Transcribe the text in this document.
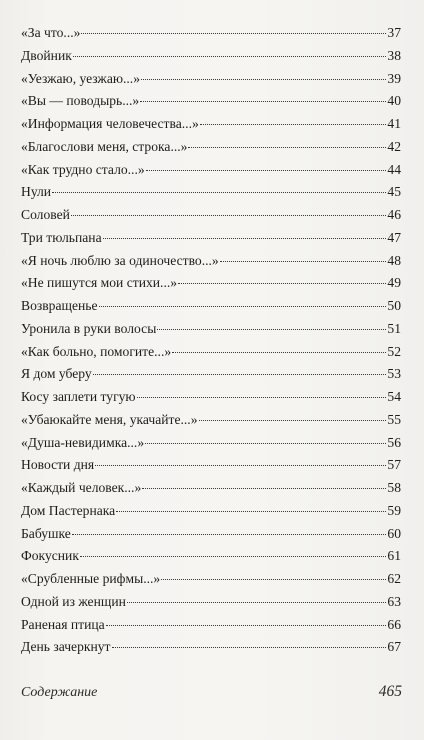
«За что...»	37
Двойник	38
«Уезжаю, уезжаю...»	39
«Вы — поводырь...»	40
«Информация человечества...»	41
«Благослови меня, строка...»	42
«Как трудно стало...»	44
Нули	45
Соловей	46
Три тюльпана	47
«Я ночь люблю за одиночество...»	48
«Не пишутся мои стихи...»	49
Возвращенье	50
Уронила в руки волосы	51
«Как больно, помогите...»	52
Я дом уберу	53
Косу заплети тугую	54
«Убаюкайте меня, укачайте...»	55
«Душа-невидимка...»	56
Новости дня	57
«Каждый человек...»	58
Дом Пастернака	59
Бабушке	60
Фокусник	61
«Срубленные рифмы...»	62
Одной из женщин	63
Раненая птица	66
День зачеркнут	67
Содержание	465
